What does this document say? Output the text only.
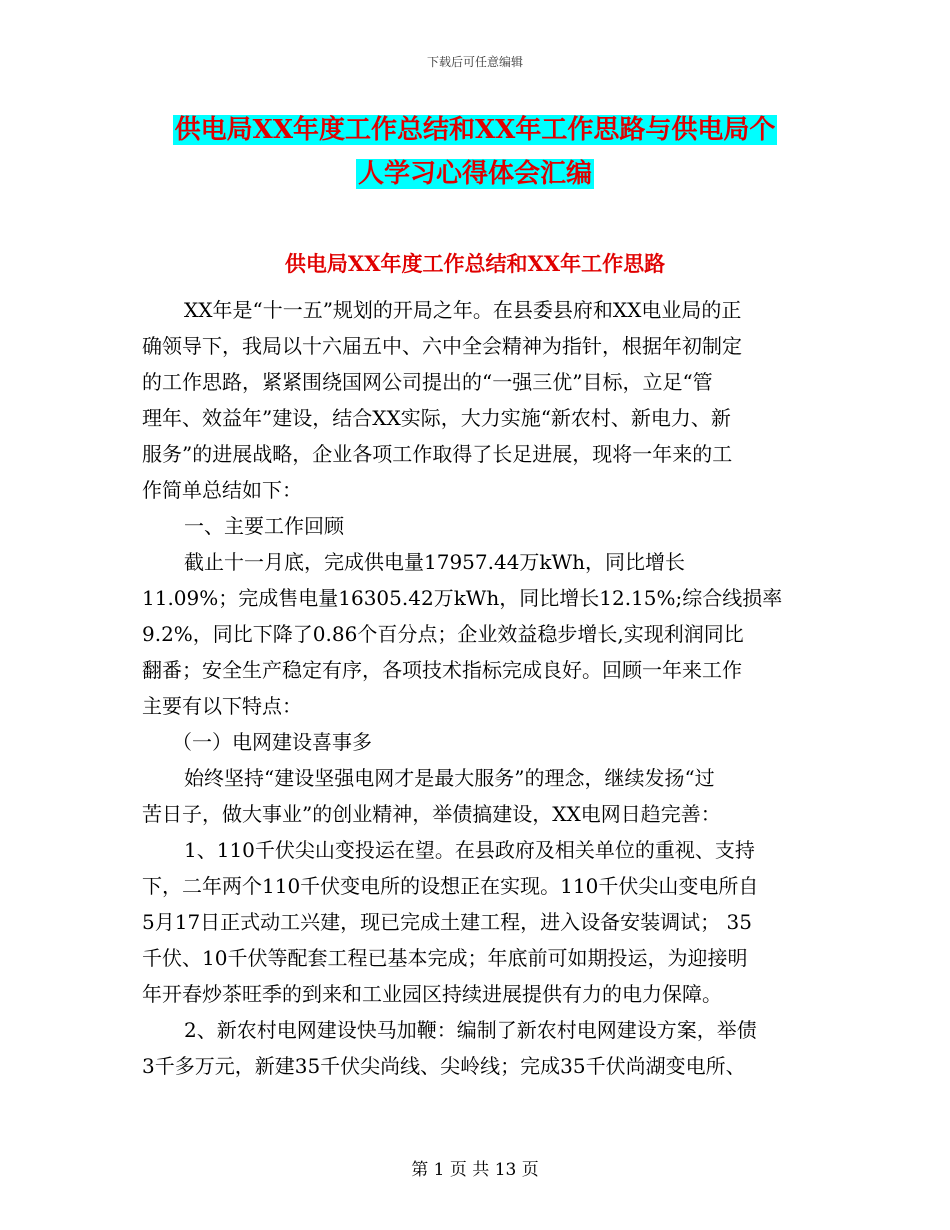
下载后可任意编辑
供电局XX年度工作总结和XX年工作思路与供电局个
人学习心得体会汇编
供电局XX年度工作总结和XX年工作思路
XX年是“十一五”规划的开局之年。在县委县府和XX电业局的正
确领导下，我局以十六届五中、六中全会精神为指针，根据年初制定
的工作思路，紧紧围绕国网公司提出的“一强三优”目标，立足“管
理年、效益年”建设，结合XX实际，大力实施“新农村、新电力、新
服务”的进展战略，企业各项工作取得了长足进展，现将一年来的工
作简单总结如下：
一、主要工作回顾
截止十一月底，完成供电量17957.44万kWh，同比增长
11.09%；完成售电量16305.42万kWh，同比增长12.15%;综合线损率
9.2%，同比下降了0.86个百分点；企业效益稳步增长,实现利润同比
翻番；安全生产稳定有序，各项技术指标完成良好。回顾一年来工作
主要有以下特点：
（一）电网建设喜事多
始终坚持“建设坚强电网才是最大服务”的理念，继续发扬“过
苦日子，做大事业”的创业精神，举债搞建设，XX电网日趋完善：
1、110千伏尖山变投运在望。在县政府及相关单位的重视、支持
下，二年两个110千伏变电所的设想正在实现。110千伏尖山变电所自
5月17日正式动工兴建，现已完成土建工程，进入设备安装调试； 35
千伏、10千伏等配套工程已基本完成；年底前可如期投运，为迎接明
年开春炒茶旺季的到来和工业园区持续进展提供有力的电力保障。
2、新农村电网建设快马加鞭：编制了新农村电网建设方案，举债
3千多万元，新建35千伏尖尚线、尖岭线；完成35千伏尚湖变电所、
第 1 页 共 13 页
